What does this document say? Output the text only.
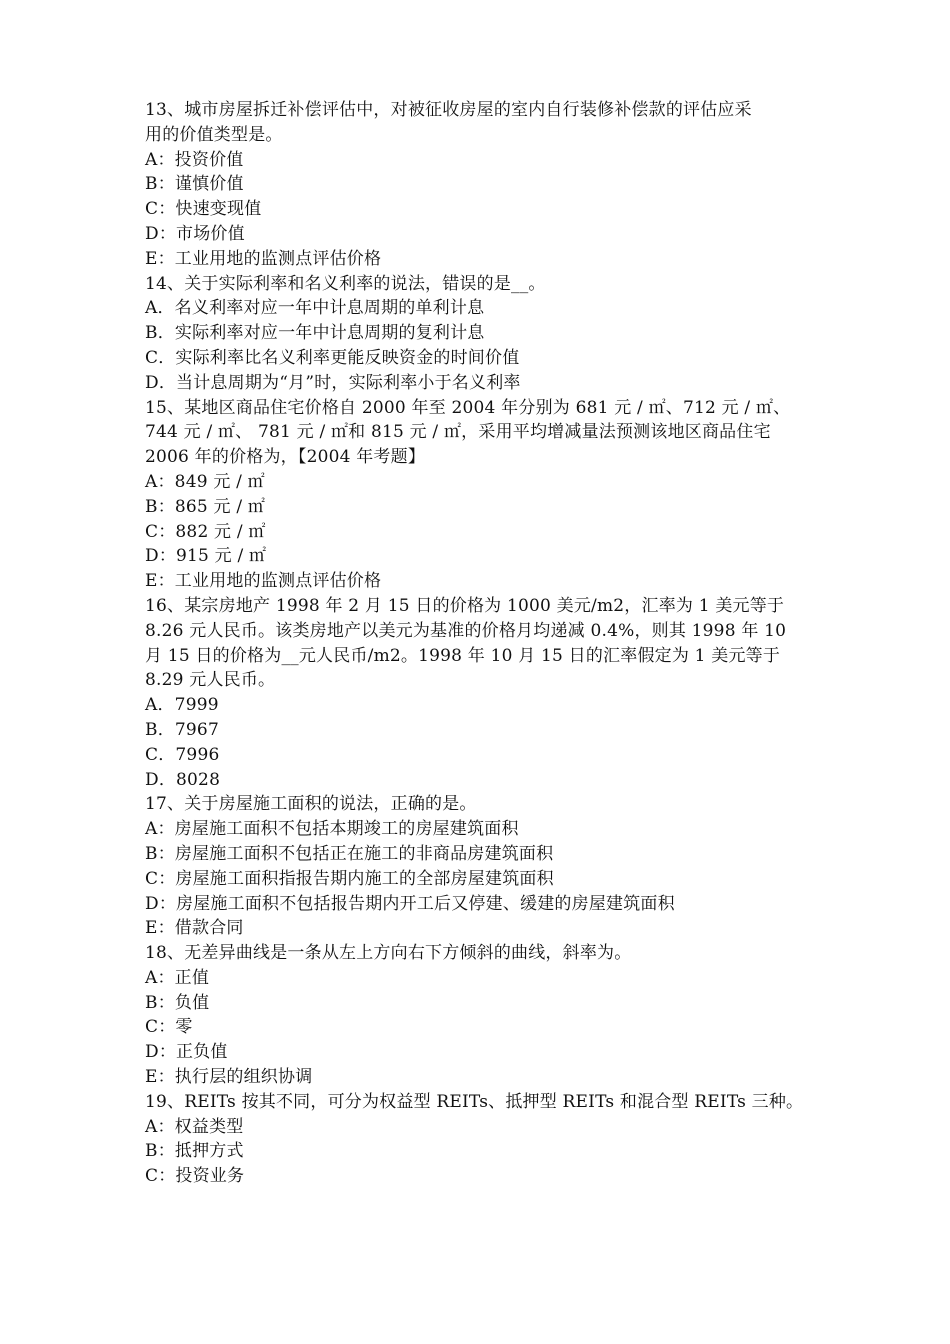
13、城市房屋拆迁补偿评估中，对被征收房屋的室内自行装修补偿款的评估应采
用的价值类型是。
A：投资价值
B：谨慎价值
C：快速变现值
D：市场价值
E：工业用地的监测点评估价格
14、关于实际利率和名义利率的说法，错误的是__。
A．名义利率对应一年中计息周期的单利计息
B．实际利率对应一年中计息周期的复利计息
C．实际利率比名义利率更能反映资金的时间价值
D．当计息周期为“月”时，实际利率小于名义利率
15、某地区商品住宅价格自 2000 年至 2004 年分别为 681 元 / ㎡、712 元 / ㎡、
744 元 / ㎡、 781 元 / ㎡和 815 元 / ㎡，采用平均增减量法预测该地区商品住宅
2006 年的价格为，【2004 年考题】
A：849 元 / ㎡
B：865 元 / ㎡
C：882 元 / ㎡
D：915 元 / ㎡
E：工业用地的监测点评估价格
16、某宗房地产 1998 年 2 月 15 日的价格为 1000 美元/m2，汇率为 1 美元等于
8.26 元人民币。该类房地产以美元为基准的价格月均递减 0.4%，则其 1998 年 10
月 15 日的价格为__元人民币/m2。1998 年 10 月 15 日的汇率假定为 1 美元等于
8.29 元人民币。
A．7999
B．7967
C．7996
D．8028
17、关于房屋施工面积的说法，正确的是。
A：房屋施工面积不包括本期竣工的房屋建筑面积
B：房屋施工面积不包括正在施工的非商品房建筑面积
C：房屋施工面积指报告期内施工的全部房屋建筑面积
D：房屋施工面积不包括报告期内开工后又停建、缓建的房屋建筑面积
E：借款合同
18、无差异曲线是一条从左上方向右下方倾斜的曲线，斜率为。
A：正值
B：负值
C：零
D：正负值
E：执行层的组织协调
19、REITs 按其不同，可分为权益型 REITs、抵押型 REITs 和混合型 REITs 三种。
A：权益类型
B：抵押方式
C：投资业务
